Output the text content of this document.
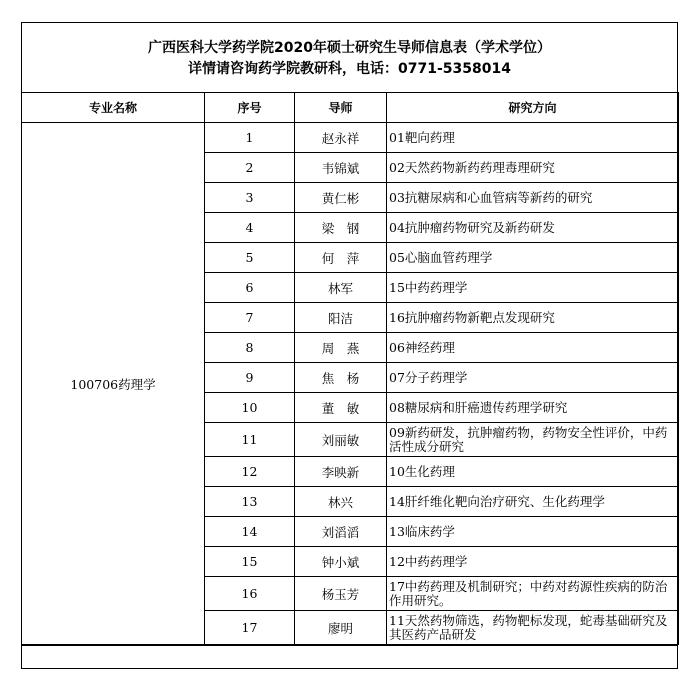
广西医科大学药学院2020年硕士研究生导师信息表（学术学位）
详情请咨询药学院教研科，电话：0771-5358014
专业名称	序号	导师	研究方向
100706药理学	1	赵永祥	01靶向药理
	2	韦锦斌	02天然药物新药药理毒理研究
	3	黄仁彬	03抗糖尿病和心血管病等新药的研究
	4	梁　钢	04抗肿瘤药物研究及新药研发
	5	何　萍	05心脑血管药理学
	6	林军	15中药药理学
	7	阳洁	16抗肿瘤药物新靶点发现研究
	8	周　燕	06神经药理
	9	焦　杨	07分子药理学
	10	董　敏	08糖尿病和肝癌遗传药理学研究
	11	刘丽敏	09新药研发，抗肿瘤药物，药物安全性评价，中药活性成分研究
	12	李映新	10生化药理
	13	林兴	14肝纤维化靶向治疗研究、生化药理学
	14	刘滔滔	13临床药学
	15	钟小斌	12中药药理学
	16	杨玉芳	17中药药理及机制研究；中药对药源性疾病的防治作用研究。
	17	廖明	11天然药物筛选，药物靶标发现，蛇毒基础研究及其医药产品研发
